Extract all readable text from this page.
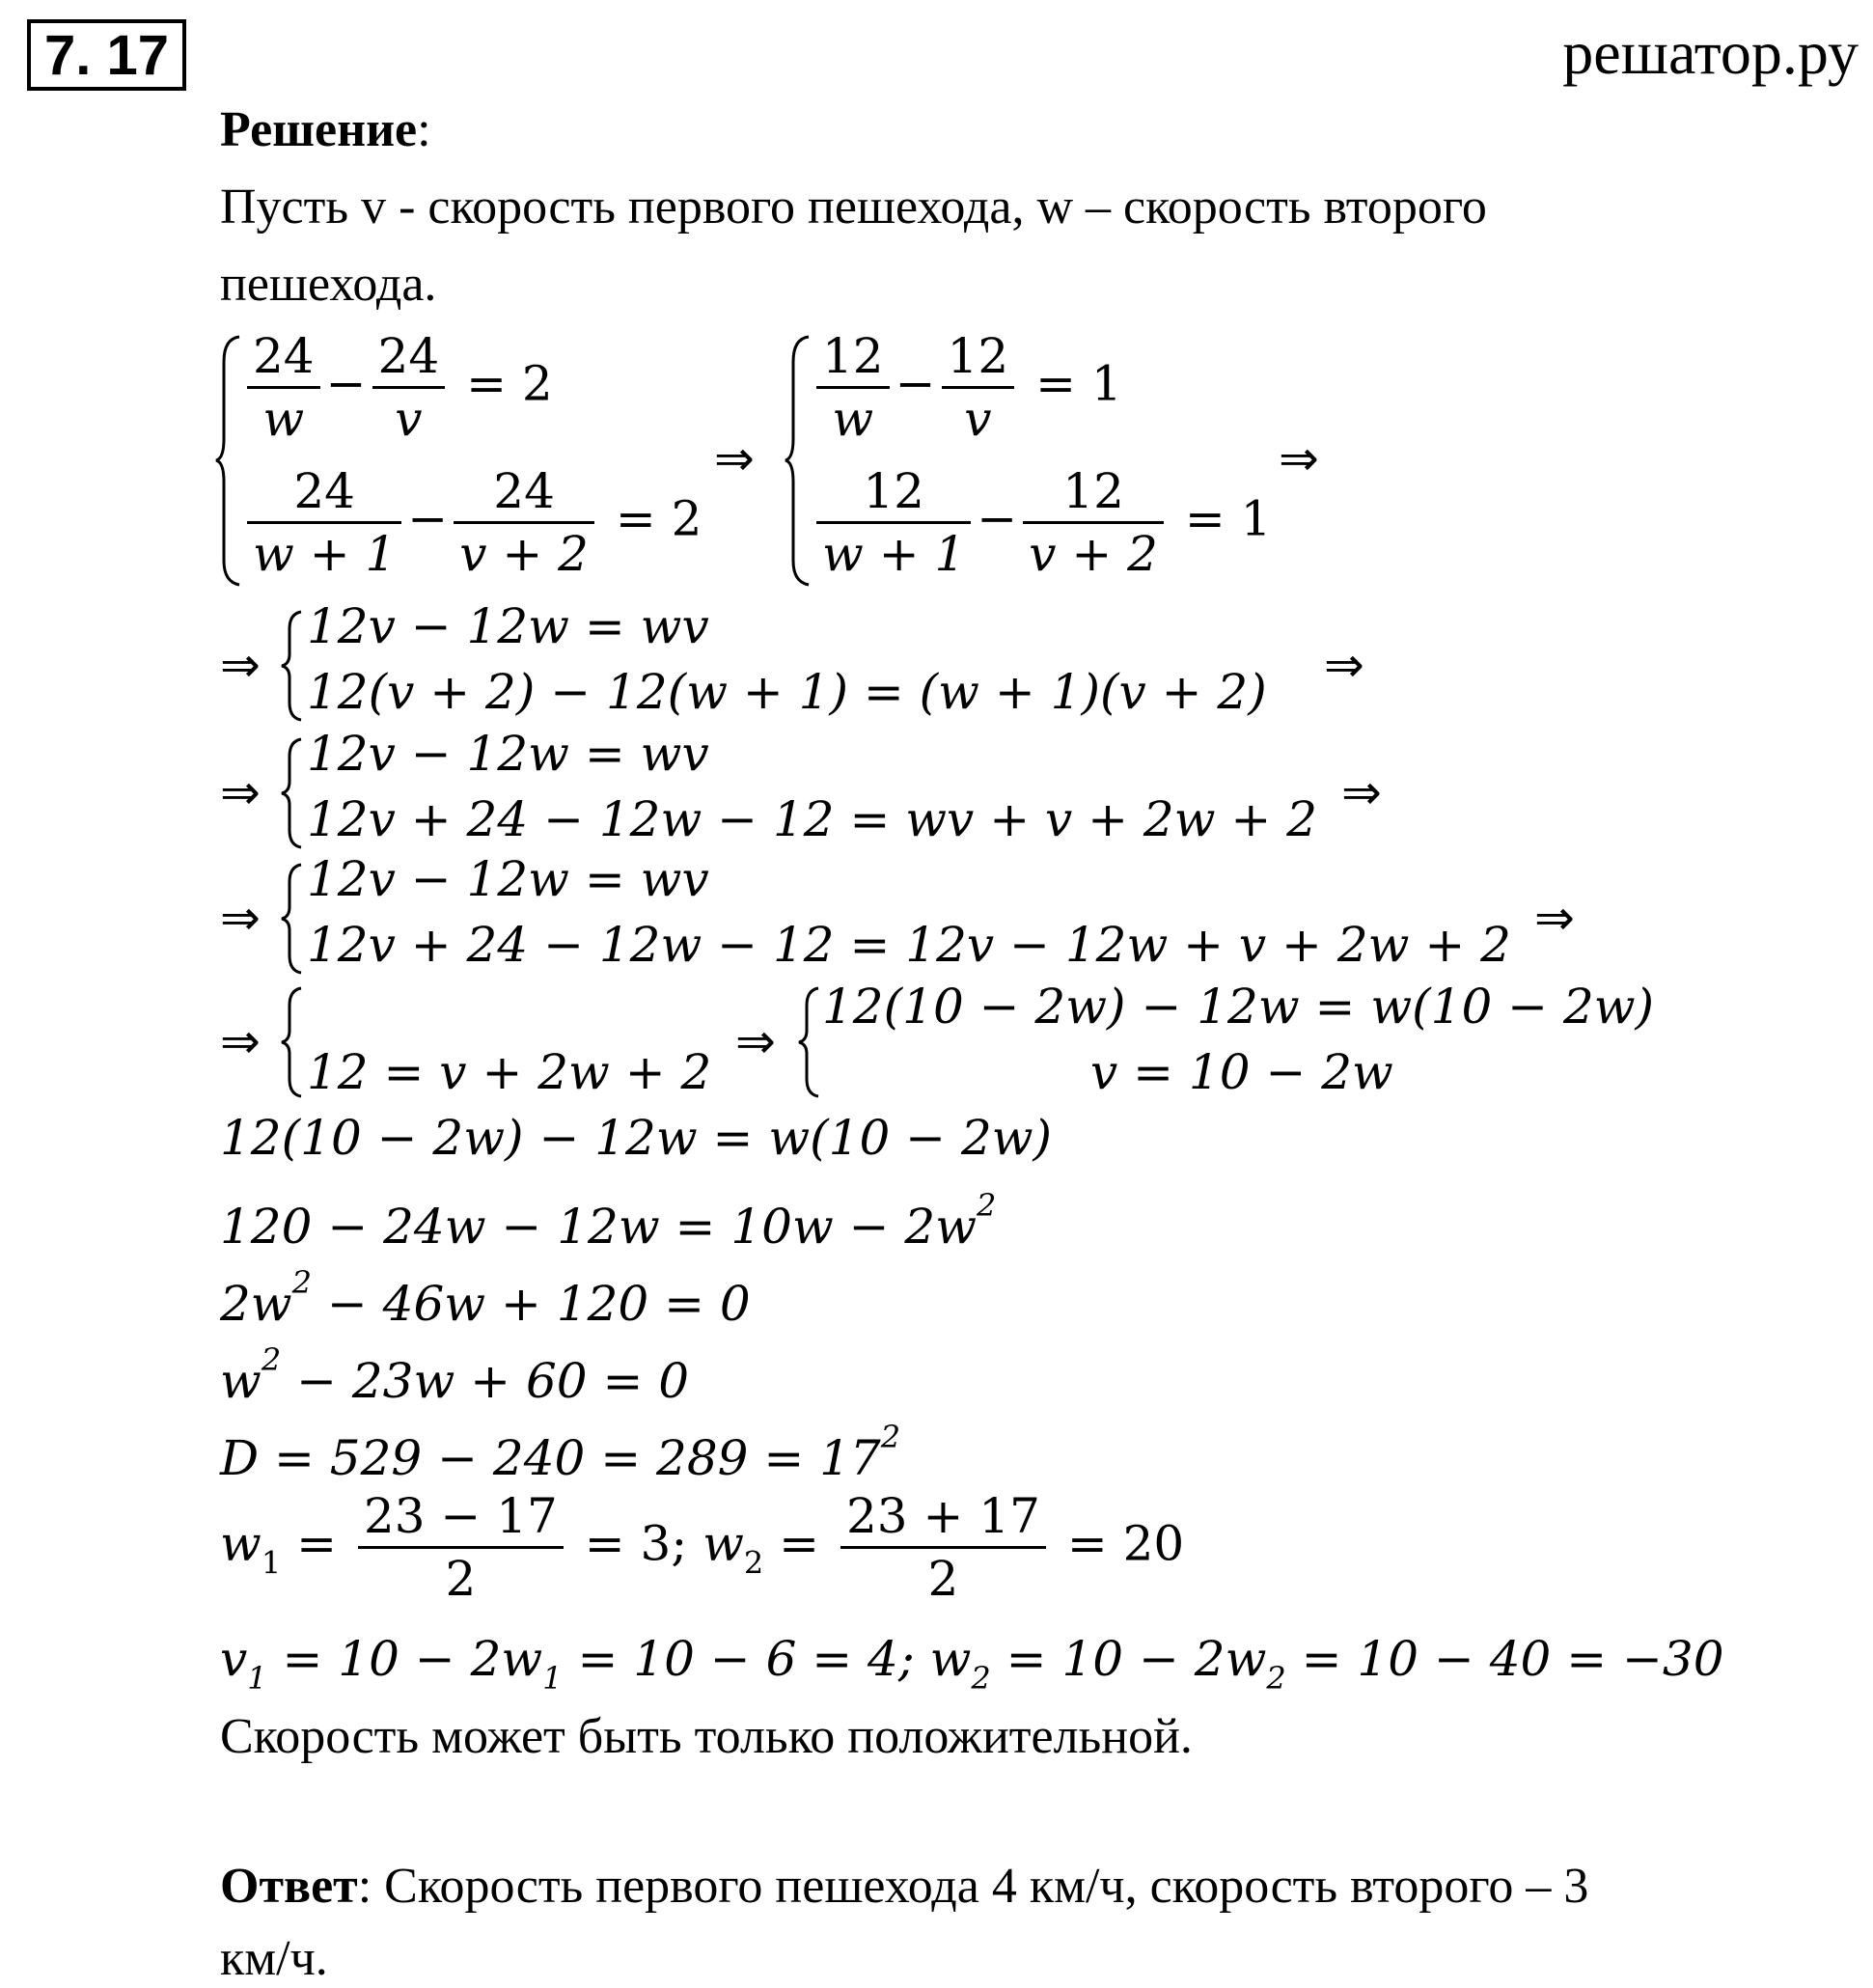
7. 17	решатор.ру
Решение:
Пусть v - скорость первого пешехода, w – скорость второго
пешехода.
$\frac{24}{w} - \frac{24}{v} = 2$
$\frac{24}{w + 1} - \frac{24}{v + 2} = 2$
⇒
$\frac{12}{w} - \frac{12}{v} = 1$
$\frac{12}{w + 1} - \frac{12}{v + 2} = 1$
⇒
⇒
12v − 12w = wv
12(v + 2) − 12(w + 1) = (w + 1)(v + 2) ⇒
⇒
12v − 12w = wv
12v + 24 − 12w − 12 = wv + v + 2w + 2 ⇒
⇒
12v − 12w = wv
12v + 24 − 12w − 12 = 12v − 12w + v + 2w + 2 ⇒
⇒
12 = v + 2w + 2
⇒
12(10 − 2w) − 12w = w(10 − 2w)
v = 10 − 2w
12(10 − 2w) − 12w = w(10 − 2w)
$120 - 24w - 12w = 10w - 2w^2$
$2w^2 - 46w + 120 = 0$
$w^2 - 23w + 60 = 0$
$D = 529 - 240 = 289 = 17^2$
$w_1 = \frac{23 - 17}{2} = 3$; $w_2 = \frac{23 + 17}{2} = 20$
$v_1 = 10 - 2w_1 = 10 - 6 = 4$; $w_2 = 10 - 2w_2 = 10 - 40 = -30$
Скорость может быть только положительной.
Ответ: Скорость первого пешехода 4 км/ч, скорость второго – 3
км/ч.
